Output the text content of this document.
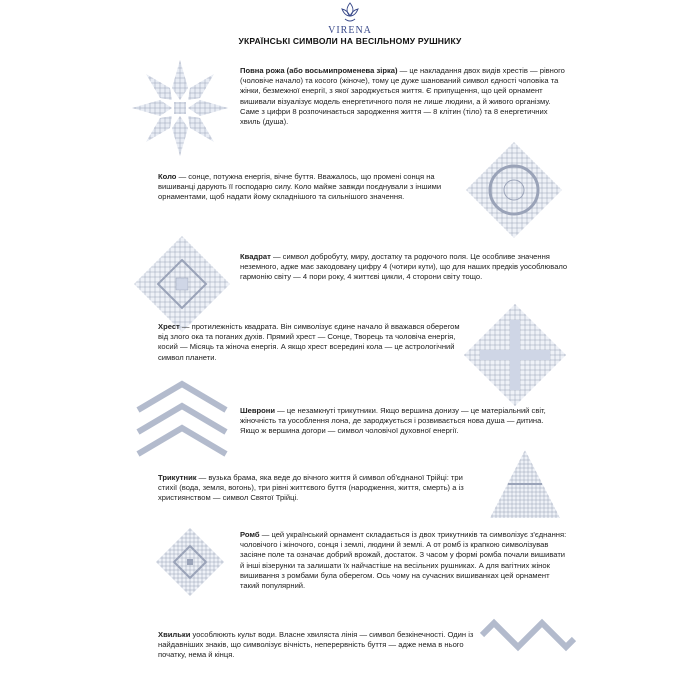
VIRENA
УКРАЇНСЬКІ СИМВОЛИ НА ВЕСІЛЬНОМУ РУШНИКУ

Повна рожа (або восьмипроменева зірка) — це накладання двох видів хрестів — рівного (чоловіче начало) та косого (жіноче), тому це дуже шанований символ єдності чоловіка та жінки, безмежної енергії, з якої зароджується життя. Є припущення, що цей орнамент вишивали візуалізує модель енергетичного поля не лише людини, а й живого організму. Саме з цифри 8 розпочинається зародження життя — 8 клітин (тіло) та 8 енергетичних хвиль (душа).

Коло — сонце, потужна енергія, вічне буття. Вважалось, що промені сонця на вишиванці дарують її господарю силу. Коло майже завжди поєднували з іншими орнаментами, щоб надати йому складнішого та сильнішого значення.

Квадрат — символ добробуту, миру, достатку та родючого поля. Це особливе значення неземного, адже має закодовану цифру 4 (чотири кути), що для наших предків уособлювало гармонію світу — 4 пори року, 4 життєві цикли, 4 сторони світу тощо.

Хрест — протилежність квадрата. Він символізує єдине начало й вважався оберегом від злого ока та поганих духів. Прямий хрест — Сонце, Творець та чоловіча енергія, косий — Місяць та жіноча енергія. А якщо хрест всередині кола — це астрологічний символ планети.

Шеврони — це незамкнуті трикутники. Якщо вершина донизу — це матеріальний світ, жіночність та уособлення лона, де зароджується і розвивається нова душа — дитина. Якщо ж вершина догори — символ чоловічої духовної енергії.

Трикутник — вузька брама, яка веде до вічного життя й символ об'єднаної Трійці: три стихії (вода, земля, вогонь), три рівні життєвого буття (народження, життя, смерть) а із християнством — символ Святої Трійці.

Ромб — цей український орнамент складається із двох трикутників та символізує з'єднання: чоловічого і жіночого, сонця і землі, людини й землі. А от ромб із крапкою символізував засіяне поле та означає добрий врожай, достаток. З часом у формі ромба почали вишивати й інші візерунки та залишати їх найчастіше на весільних рушниках. А для вагітних жінок вишивання з ромбами була оберегом. Ось чому на сучасних вишиванках цей орнамент такий популярний.

Хвильки уособлюють культ води. Власне хвиляста лінія — символ безкінечності. Один із найдавніших знаків, що символізує вічність, неперервність буття — адже нема в нього початку, нема й кінця.
